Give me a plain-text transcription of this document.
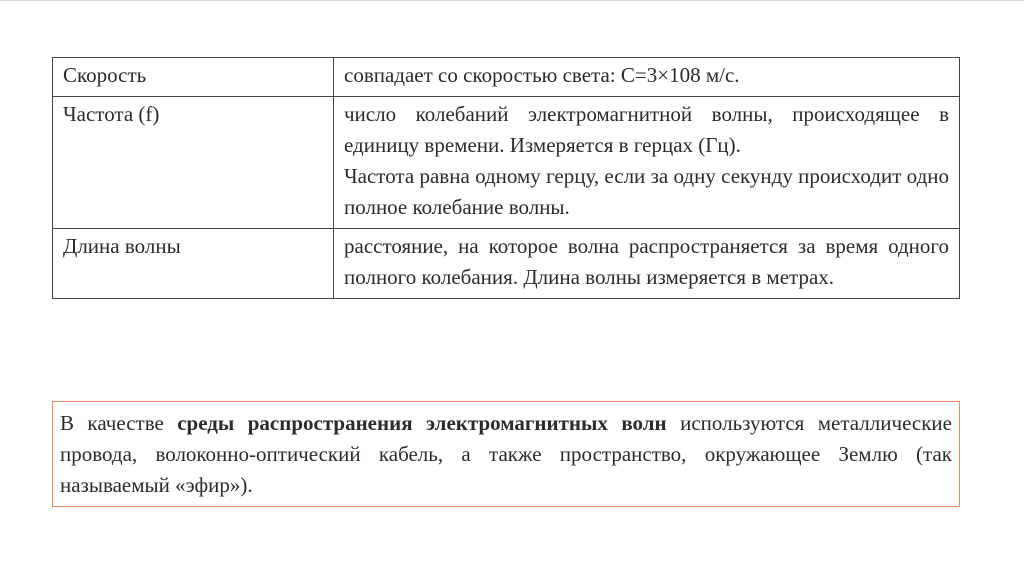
Скорость	совпадает со скоростью света: С=3×108 м/с.

Частота (f)	число колебаний электромагнитной волны, происходящее в единицу времени. Измеряется в герцах (Гц).
Частота равна одному герцу, если за одну секунду происходит одно полное колебание волны.

Длина волны	расстояние, на которое волна распространяется за время одного полного колебания. Длина волны измеряется в метрах.
В качестве среды распространения электромагнитных волн используются металлические провода, волоконно-оптический кабель, а также пространство, окружающее Землю (так называемый «эфир»).
